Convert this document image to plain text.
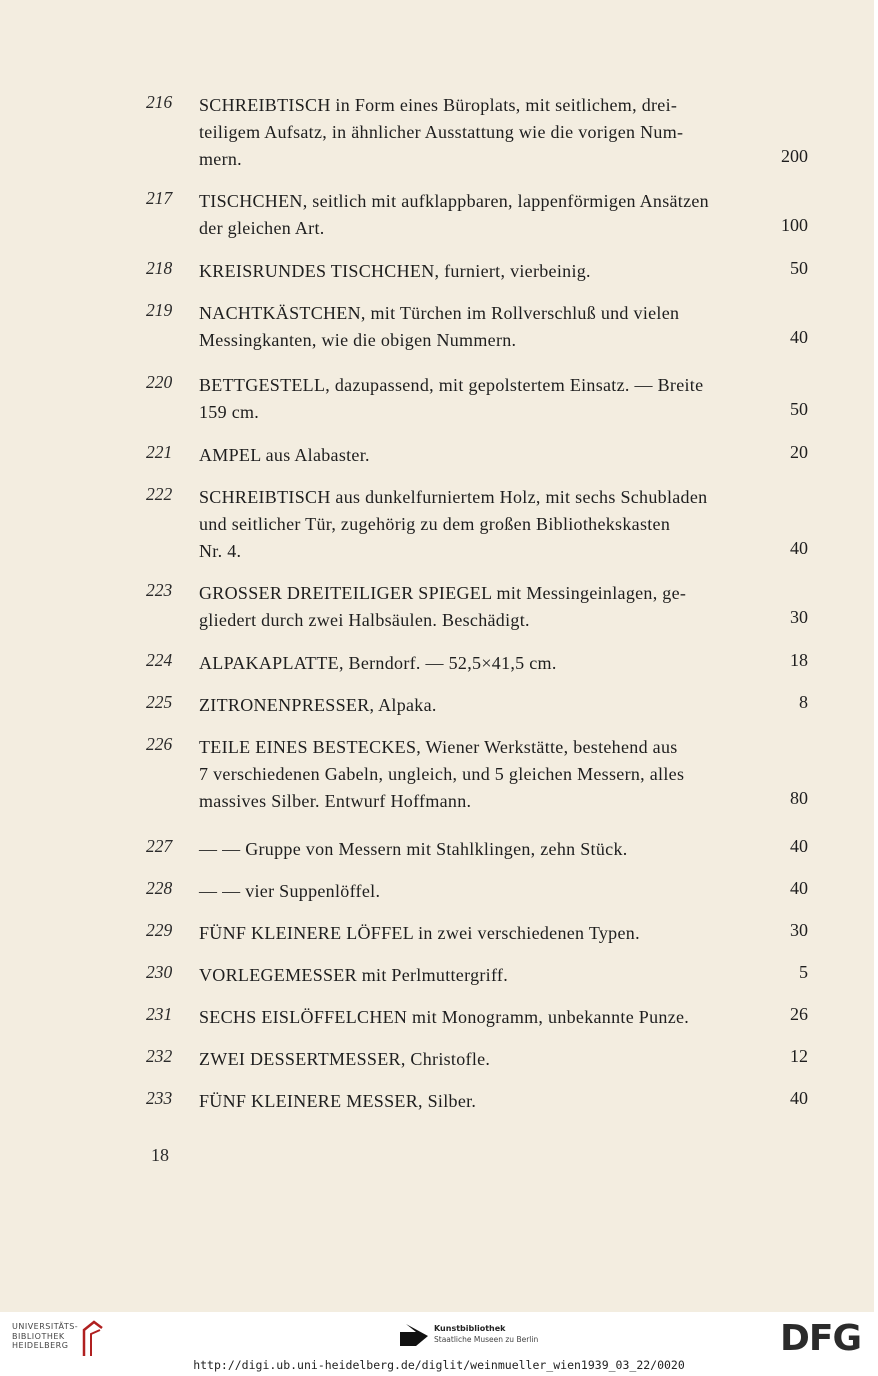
216	SCHREIBTISCH in Form eines Büroplats, mit seitlichem, drei-
teiligem Aufsatz, in ähnlicher Ausstattung wie die vorigen Num-
mern.	200
217	TISCHCHEN, seitlich mit aufklappbaren, lappenförmigen Ansätzen
der gleichen Art.	100
218	KREISRUNDES TISCHCHEN, furniert, vierbeinig.	50
219	NACHTKÄSTCHEN, mit Türchen im Rollverschluß und vielen
Messingkanten, wie die obigen Nummern.	40
220	BETTGESTELL, dazupassend, mit gepolstertem Einsatz. — Breite
159 cm.	50
221	AMPEL aus Alabaster.	20
222	SCHREIBTISCH aus dunkelfurniertem Holz, mit sechs Schubladen
und seitlicher Tür, zugehörig zu dem großen Bibliothekskasten
Nr. 4.	40
223	GROSSER DREITEILIGER SPIEGEL mit Messingeinlagen, ge-
gliedert durch zwei Halbsäulen. Beschädigt.	30
224	ALPAKAPLATTE, Berndorf. — 52,5×41,5 cm.	18
225	ZITRONENPRESSER, Alpaka.	8
226	TEILE EINES BESTECKES, Wiener Werkstätte, bestehend aus
7 verschiedenen Gabeln, ungleich, und 5 gleichen Messern, alles
massives Silber. Entwurf Hoffmann.	80
227	— — Gruppe von Messern mit Stahlklingen, zehn Stück.	40
228	— — vier Suppenlöffel.	40
229	FÜNF KLEINERE LÖFFEL in zwei verschiedenen Typen.	30
230	VORLEGEMESSER mit Perlmuttergriff.	5
231	SECHS EISLÖFFELCHEN mit Monogramm, unbekannte Punze.	26
232	ZWEI DESSERTMESSER, Christofle.	12
233	FÜNF KLEINERE MESSER, Silber.	40
18
UNIVERSITÄTS-
BIBLIOTHEK
HEIDELBERG
Kunstbibliothek
Staatliche Museen zu Berlin	DFG
http://digi.ub.uni-heidelberg.de/diglit/weinmueller_wien1939_03_22/0020
